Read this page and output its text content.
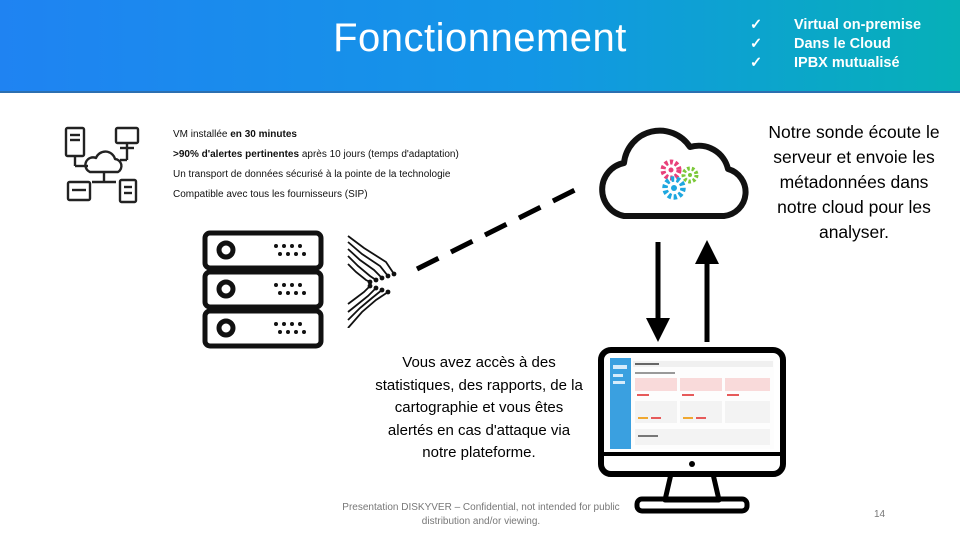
Fonctionnement	✓ Virtual on-premise
✓ Dans le Cloud
✓ IPBX mutualisé
VM installée en 30 minutes
>90% d'alertes pertinentes après 10 jours (temps d'adaptation)
Un transport de données sécurisé à la pointe de la technologie
Compatible avec tous les fournisseurs (SIP)
Notre sonde écoute le serveur et envoie les métadonnées dans notre cloud pour les analyser.
Vous avez accès à des statistiques, des rapports, de la cartographie et vous êtes alertés en cas d'attaque via notre plateforme.
Presentation DISKYVER – Confidential, not intended for public distribution and/or viewing.
14
